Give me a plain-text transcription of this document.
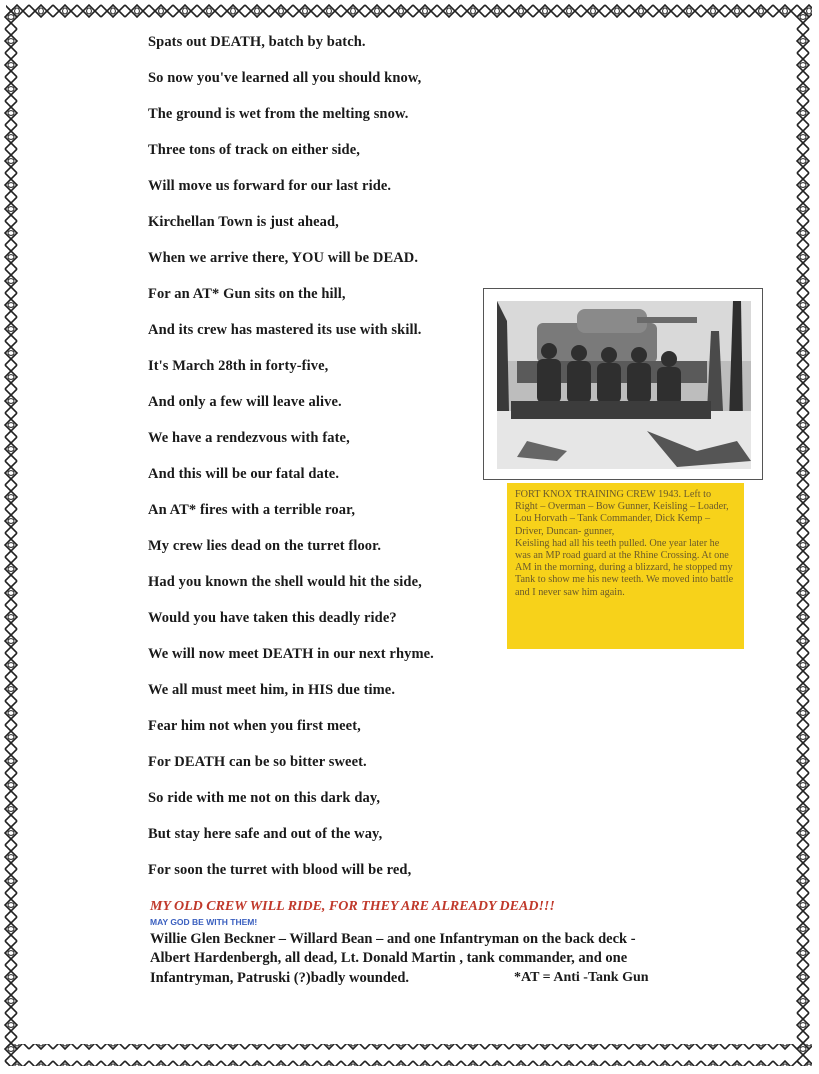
Spats out DEATH, batch by batch.
So now you've learned all you should know,
The ground is wet from the melting snow.
Three tons of track on either side,
Will move us forward for our last ride.
Kirchellan Town is just ahead,
When we arrive there, YOU will be DEAD.
For an AT* Gun sits on the hill,
And its crew has mastered its use with skill.
It's March 28th in forty-five,
And only a few will leave alive.
We have a rendezvous with fate,
And this will be our fatal date.
An AT* fires with a terrible roar,
My crew lies dead on the turret floor.
Had you known the shell would hit the side,
Would you have taken this deadly ride?
We will now meet DEATH in our next rhyme.
We all must meet him, in HIS due time.
Fear him not when you first meet,
For DEATH can be so bitter sweet.
So ride with me not on this dark day,
But stay here safe and out of the way,
For soon the turret with blood will be red,

FORT KNOX TRAINING CREW 1943. Left to Right – Overman – Bow Gunner, Keisling – Loader, Lou Horvath – Tank Commander, Dick Kemp – Driver, Duncan- gunner,

Keisling had all his teeth pulled. One year later he was an MP road guard at the Rhine Crossing. At one AM in the morning, during a blizzard, he stopped my Tank to show me his new teeth. We moved into battle and I never saw him again.

MY OLD CREW WILL RIDE, FOR THEY ARE ALREADY DEAD!!!
MAY GOD BE WITH THEM!
Willie Glen Beckner – Willard Bean – and one Infantryman on the back deck -
Albert Hardenbergh, all dead, Lt. Donald Martin , tank commander, and one
Infantryman, Patruski (?)badly wounded.	*AT = Anti -Tank Gun
